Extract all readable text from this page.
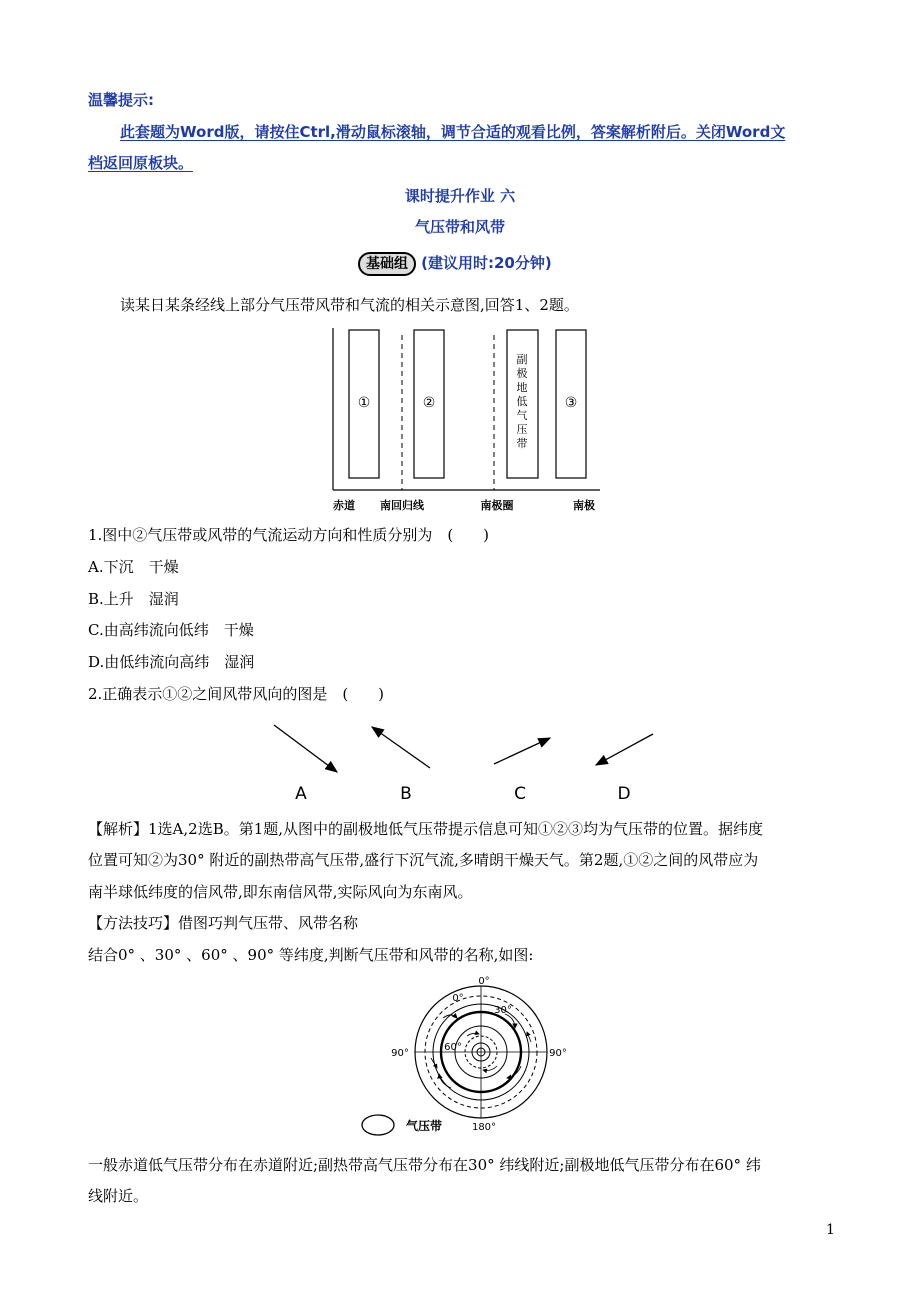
温馨提示:
此套题为Word版，请按住Ctrl,滑动鼠标滚轴，调节合适的观看比例，答案解析附后。关闭Word文
档返回原板块。
课时提升作业 六
气压带和风带
基础组 (建议用时:20分钟)
读某日某条经线上部分气压带风带和气流的相关示意图,回答1、2题。
①	②
副
极
地
低
气
压
带
③
赤道 南回归线	南极圈	南极
1.图中②气压带或风带的气流运动方向和性质分别为　(　　)
A.下沉　干燥
B.上升　湿润
C.由高纬流向低纬　干燥
D.由低纬流向高纬　湿润
2.正确表示①②之间风带风向的图是　(　　)
A	B	C	D
【解析】1选A,2选B。第1题,从图中的副极地低气压带提示信息可知①②③均为气压带的位置。据纬度
位置可知②为30° 附近的副热带高气压带,盛行下沉气流,多晴朗干燥天气。第2题,①②之间的风带应为
南半球低纬度的信风带,即东南信风带,实际风向为东南风。
【方法技巧】借图巧判气压带、风带名称
结合0° 、30° 、60° 、90° 等纬度,判断气压带和风带的名称,如图:
0°
0°
30°
60°
90°	90°
180°
气压带
一般赤道低气压带分布在赤道附近;副热带高气压带分布在30° 纬线附近;副极地低气压带分布在60° 纬
线附近。
1
